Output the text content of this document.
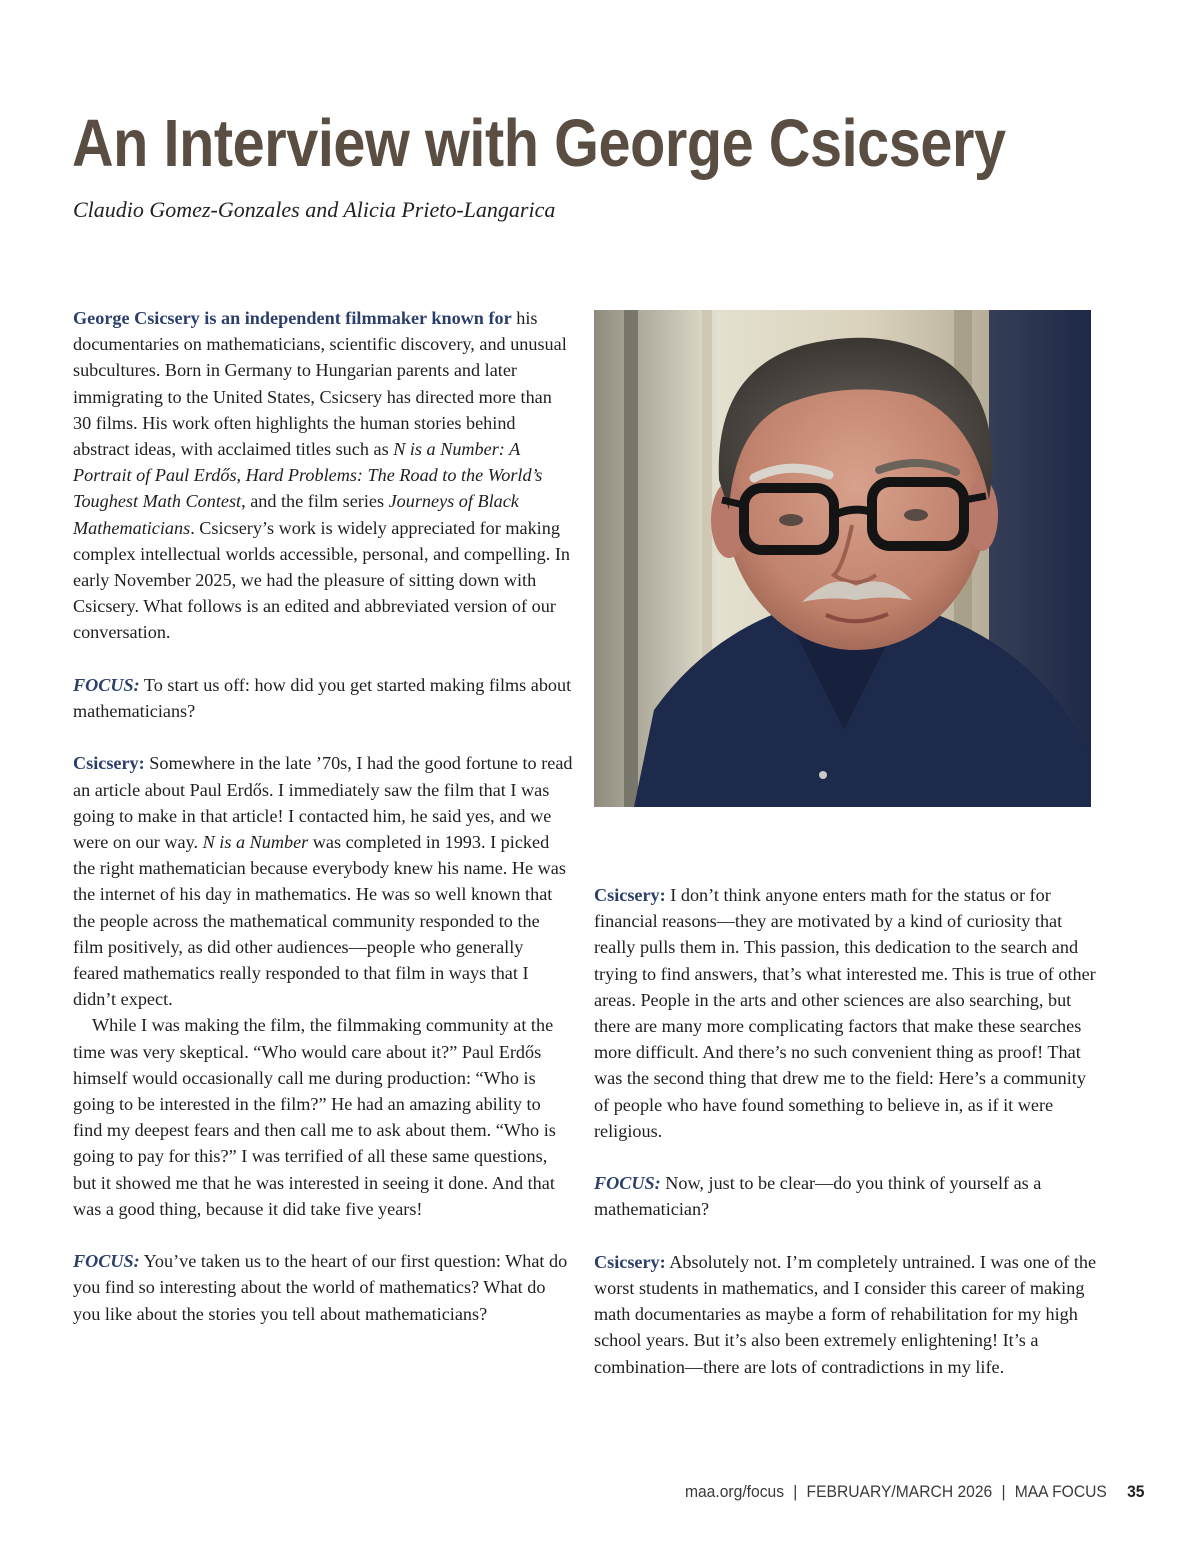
An Interview with George Csicsery
Claudio Gomez-Gonzales and Alicia Prieto-Langarica

George Csicsery is an independent filmmaker known for his documentaries on mathematicians, scientific discovery, and unusual subcultures. Born in Germany to Hungarian parents and later immigrating to the United States, Csicsery has directed more than 30 films. His work often highlights the human stories behind abstract ideas, with acclaimed titles such as N is a Number: A Portrait of Paul Erdős, Hard Problems: The Road to the World’s Toughest Math Contest, and the film series Journeys of Black Mathematicians. Csicsery’s work is widely appreciated for making complex intellectual worlds accessible, personal, and compelling. In early November 2025, we had the pleasure of sitting down with Csicsery. What follows is an edited and abbreviated version of our conversation.

FOCUS: To start us off: how did you get started making films about mathematicians?

Csicsery: Somewhere in the late ’70s, I had the good fortune to read an article about Paul Erdős. I immediately saw the film that I was going to make in that article! I contacted him, he said yes, and we were on our way. N is a Number was completed in 1993. I picked the right mathematician because everybody knew his name. He was the internet of his day in mathematics. He was so well known that the people across the mathematical community responded to the film positively, as did other audiences—people who generally feared mathematics really responded to that film in ways that I didn’t expect.

While I was making the film, the filmmaking community at the time was very skeptical. “Who would care about it?” Paul Erdős himself would occasionally call me during production: “Who is going to be interested in the film?” He had an amazing ability to find my deepest fears and then call me to ask about them. “Who is going to pay for this?” I was terrified of all these same questions, but it showed me that he was interested in seeing it done. And that was a good thing, because it did take five years!

FOCUS: You’ve taken us to the heart of our first question: What do you find so interesting about the world of mathematics? What do you like about the stories you tell about mathematicians?

Csicsery: I don’t think anyone enters math for the status or for financial reasons—they are motivated by a kind of curiosity that really pulls them in. This passion, this dedication to the search and trying to find answers, that’s what interested me. This is true of other areas. People in the arts and other sciences are also searching, but there are many more complicating factors that make these searches more difficult. And there’s no such convenient thing as proof! That was the second thing that drew me to the field: Here’s a community of people who have found something to believe in, as if it were religious.

FOCUS: Now, just to be clear—do you think of yourself as a mathematician?

Csicsery: Absolutely not. I’m completely untrained. I was one of the worst students in mathematics, and I consider this career of making math documentaries as maybe a form of rehabilitation for my high school years. But it’s also been extremely enlightening! It’s a combination—there are lots of contradictions in my life.

maa.org/focus | FEBRUARY/MARCH 2026 | MAA FOCUS 35
